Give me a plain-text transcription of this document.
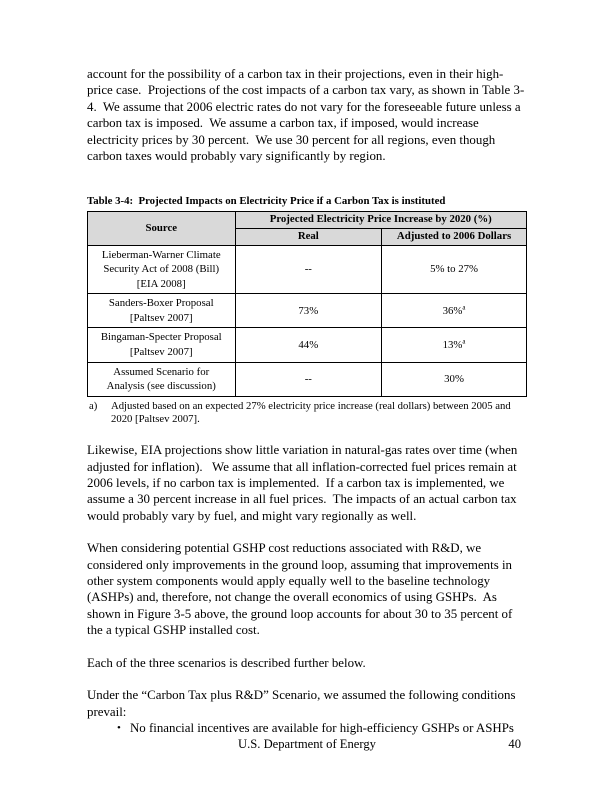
account for the possibility of a carbon tax in their projections, even in their high-price case.  Projections of the cost impacts of a carbon tax vary, as shown in Table 3-4.  We assume that 2006 electric rates do not vary for the foreseeable future unless a carbon tax is imposed.  We assume a carbon tax, if imposed, would increase electricity prices by 30 percent.  We use 30 percent for all regions, even though carbon taxes would probably vary significantly by region.

Table 3-4:  Projected Impacts on Electricity Price if a Carbon Tax is instituted
Source	Projected Electricity Price Increase by 2020 (%)	
	Real	Adjusted to 2006 Dollars
Lieberman-Warner Climate Security Act of 2008 (Bill) [EIA 2008]	--	5% to 27%
Sanders-Boxer Proposal [Paltsev 2007]	73%	36%$^a$
Bingaman-Specter Proposal [Paltsev 2007]	44%	13%$^a$
Assumed Scenario for Analysis (see discussion)	--	30%
a)	Adjusted based on an expected 27% electricity price increase (real dollars) between 2005 and 2020 [Paltsev 2007].

Likewise, EIA projections show little variation in natural-gas rates over time (when adjusted for inflation).   We assume that all inflation-corrected fuel prices remain at 2006 levels, if no carbon tax is implemented.  If a carbon tax is implemented, we assume a 30 percent increase in all fuel prices.  The impacts of an actual carbon tax would probably vary by fuel, and might vary regionally as well.

When considering potential GSHP cost reductions associated with R&D, we considered only improvements in the ground loop, assuming that improvements in other system components would apply equally well to the baseline technology (ASHPs) and, therefore, not change the overall economics of using GSHPs.  As shown in Figure 3-5 above, the ground loop accounts for about 30 to 35 percent of the a typical GSHP installed cost.

Each of the three scenarios is described further below.

Under the “Carbon Tax plus R&D” Scenario, we assumed the following conditions prevail:

• No financial incentives are available for high-efficiency GSHPs or ASHPs
U.S. Department of Energy	40
